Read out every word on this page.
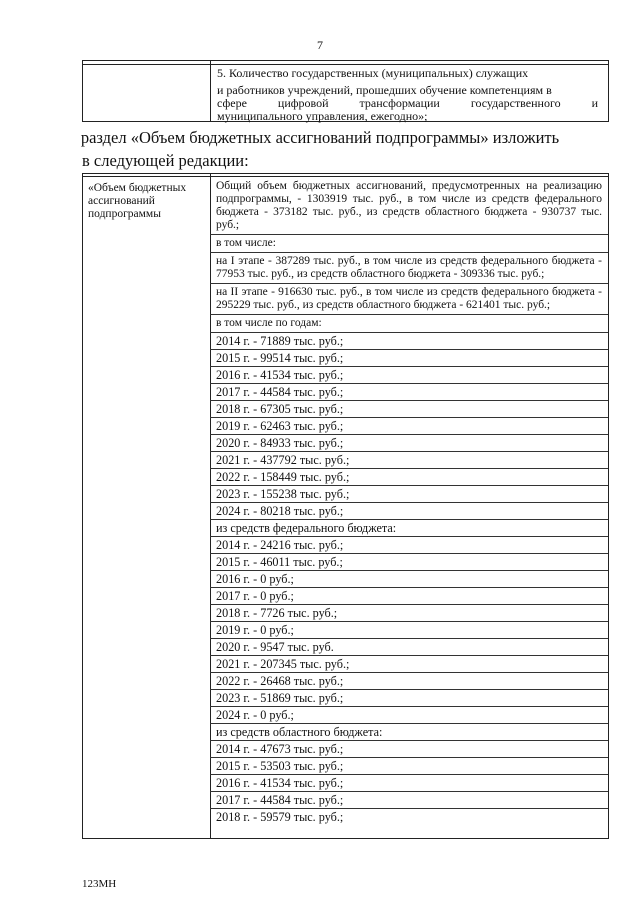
7
5. Количество государственных (муниципальных) служащих
и работников учреждений, прошедших обучение компетенциям в
сфере цифровой трансформации государственного и
муниципального управления, ежегодно»;
раздел «Объем бюджетных ассигнований подпрограммы» изложить
в следующей редакции:
«Объем бюджетных ассигнований подпрограммы
Общий объем бюджетных ассигнований, предусмотренных на реализацию подпрограммы, - 1303919 тыс. руб., в том числе из средств федерального бюджета - 373182 тыс. руб., из средств областного бюджета - 930737 тыс. руб.;
в том числе:
на I этапе - 387289 тыс. руб., в том числе из средств федерального бюджета - 77953 тыс. руб., из средств областного бюджета - 309336 тыс. руб.;
на II этапе - 916630 тыс. руб., в том числе из средств федерального бюджета - 295229 тыс. руб., из средств областного бюджета - 621401 тыс. руб.;
в том числе по годам:
2014 г. - 71889 тыс. руб.;
2015 г. - 99514 тыс. руб.;
2016 г. - 41534 тыс. руб.;
2017 г. - 44584 тыс. руб.;
2018 г. - 67305 тыс. руб.;
2019 г. - 62463 тыс. руб.;
2020 г. - 84933 тыс. руб.;
2021 г. - 437792 тыс. руб.;
2022 г. - 158449 тыс. руб.;
2023 г. - 155238 тыс. руб.;
2024 г. - 80218 тыс. руб.;
из средств федерального бюджета:
2014 г. - 24216 тыс. руб.;
2015 г. - 46011 тыс. руб.;
2016 г. - 0 руб.;
2017 г. - 0 руб.;
2018 г. - 7726 тыс. руб.;
2019 г. - 0 руб.;
2020 г. - 9547 тыс. руб.
2021 г. - 207345 тыс. руб.;
2022 г. - 26468 тыс. руб.;
2023 г. - 51869 тыс. руб.;
2024 г. - 0 руб.;
из средств областного бюджета:
2014 г. - 47673 тыс. руб.;
2015 г. - 53503 тыс. руб.;
2016 г. - 41534 тыс. руб.;
2017 г. - 44584 тыс. руб.;
2018 г. - 59579 тыс. руб.;
123МН
